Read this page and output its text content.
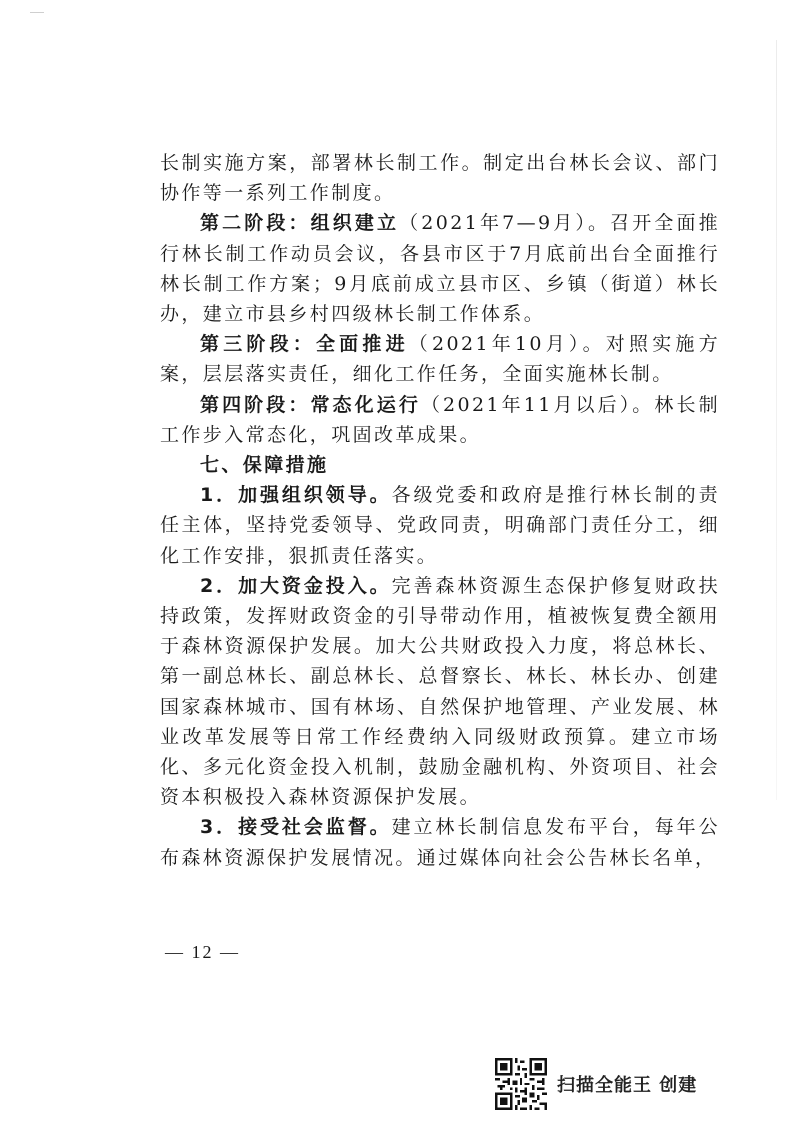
长制实施方案，部署林长制工作。制定出台林长会议、部门协作等一系列工作制度。

第二阶段：组织建立（2021年7—9月）。召开全面推行林长制工作动员会议，各县市区于7月底前出台全面推行林长制工作方案；9月底前成立县市区、乡镇（街道）林长办，建立市县乡村四级林长制工作体系。

第三阶段：全面推进（2021年10月）。对照实施方案，层层落实责任，细化工作任务，全面实施林长制。

第四阶段：常态化运行（2021年11月以后）。林长制工作步入常态化，巩固改革成果。

七、保障措施

1．加强组织领导。各级党委和政府是推行林长制的责任主体，坚持党委领导、党政同责，明确部门责任分工，细化工作安排，狠抓责任落实。

2．加大资金投入。完善森林资源生态保护修复财政扶持政策，发挥财政资金的引导带动作用，植被恢复费全额用于森林资源保护发展。加大公共财政投入力度，将总林长、第一副总林长、副总林长、总督察长、林长、林长办、创建国家森林城市、国有林场、自然保护地管理、产业发展、林业改革发展等日常工作经费纳入同级财政预算。建立市场化、多元化资金投入机制，鼓励金融机构、外资项目、社会资本积极投入森林资源保护发展。

3．接受社会监督。建立林长制信息发布平台，每年公布森林资源保护发展情况。通过媒体向社会公告林长名单，

— 12 —
扫描全能王 创建
